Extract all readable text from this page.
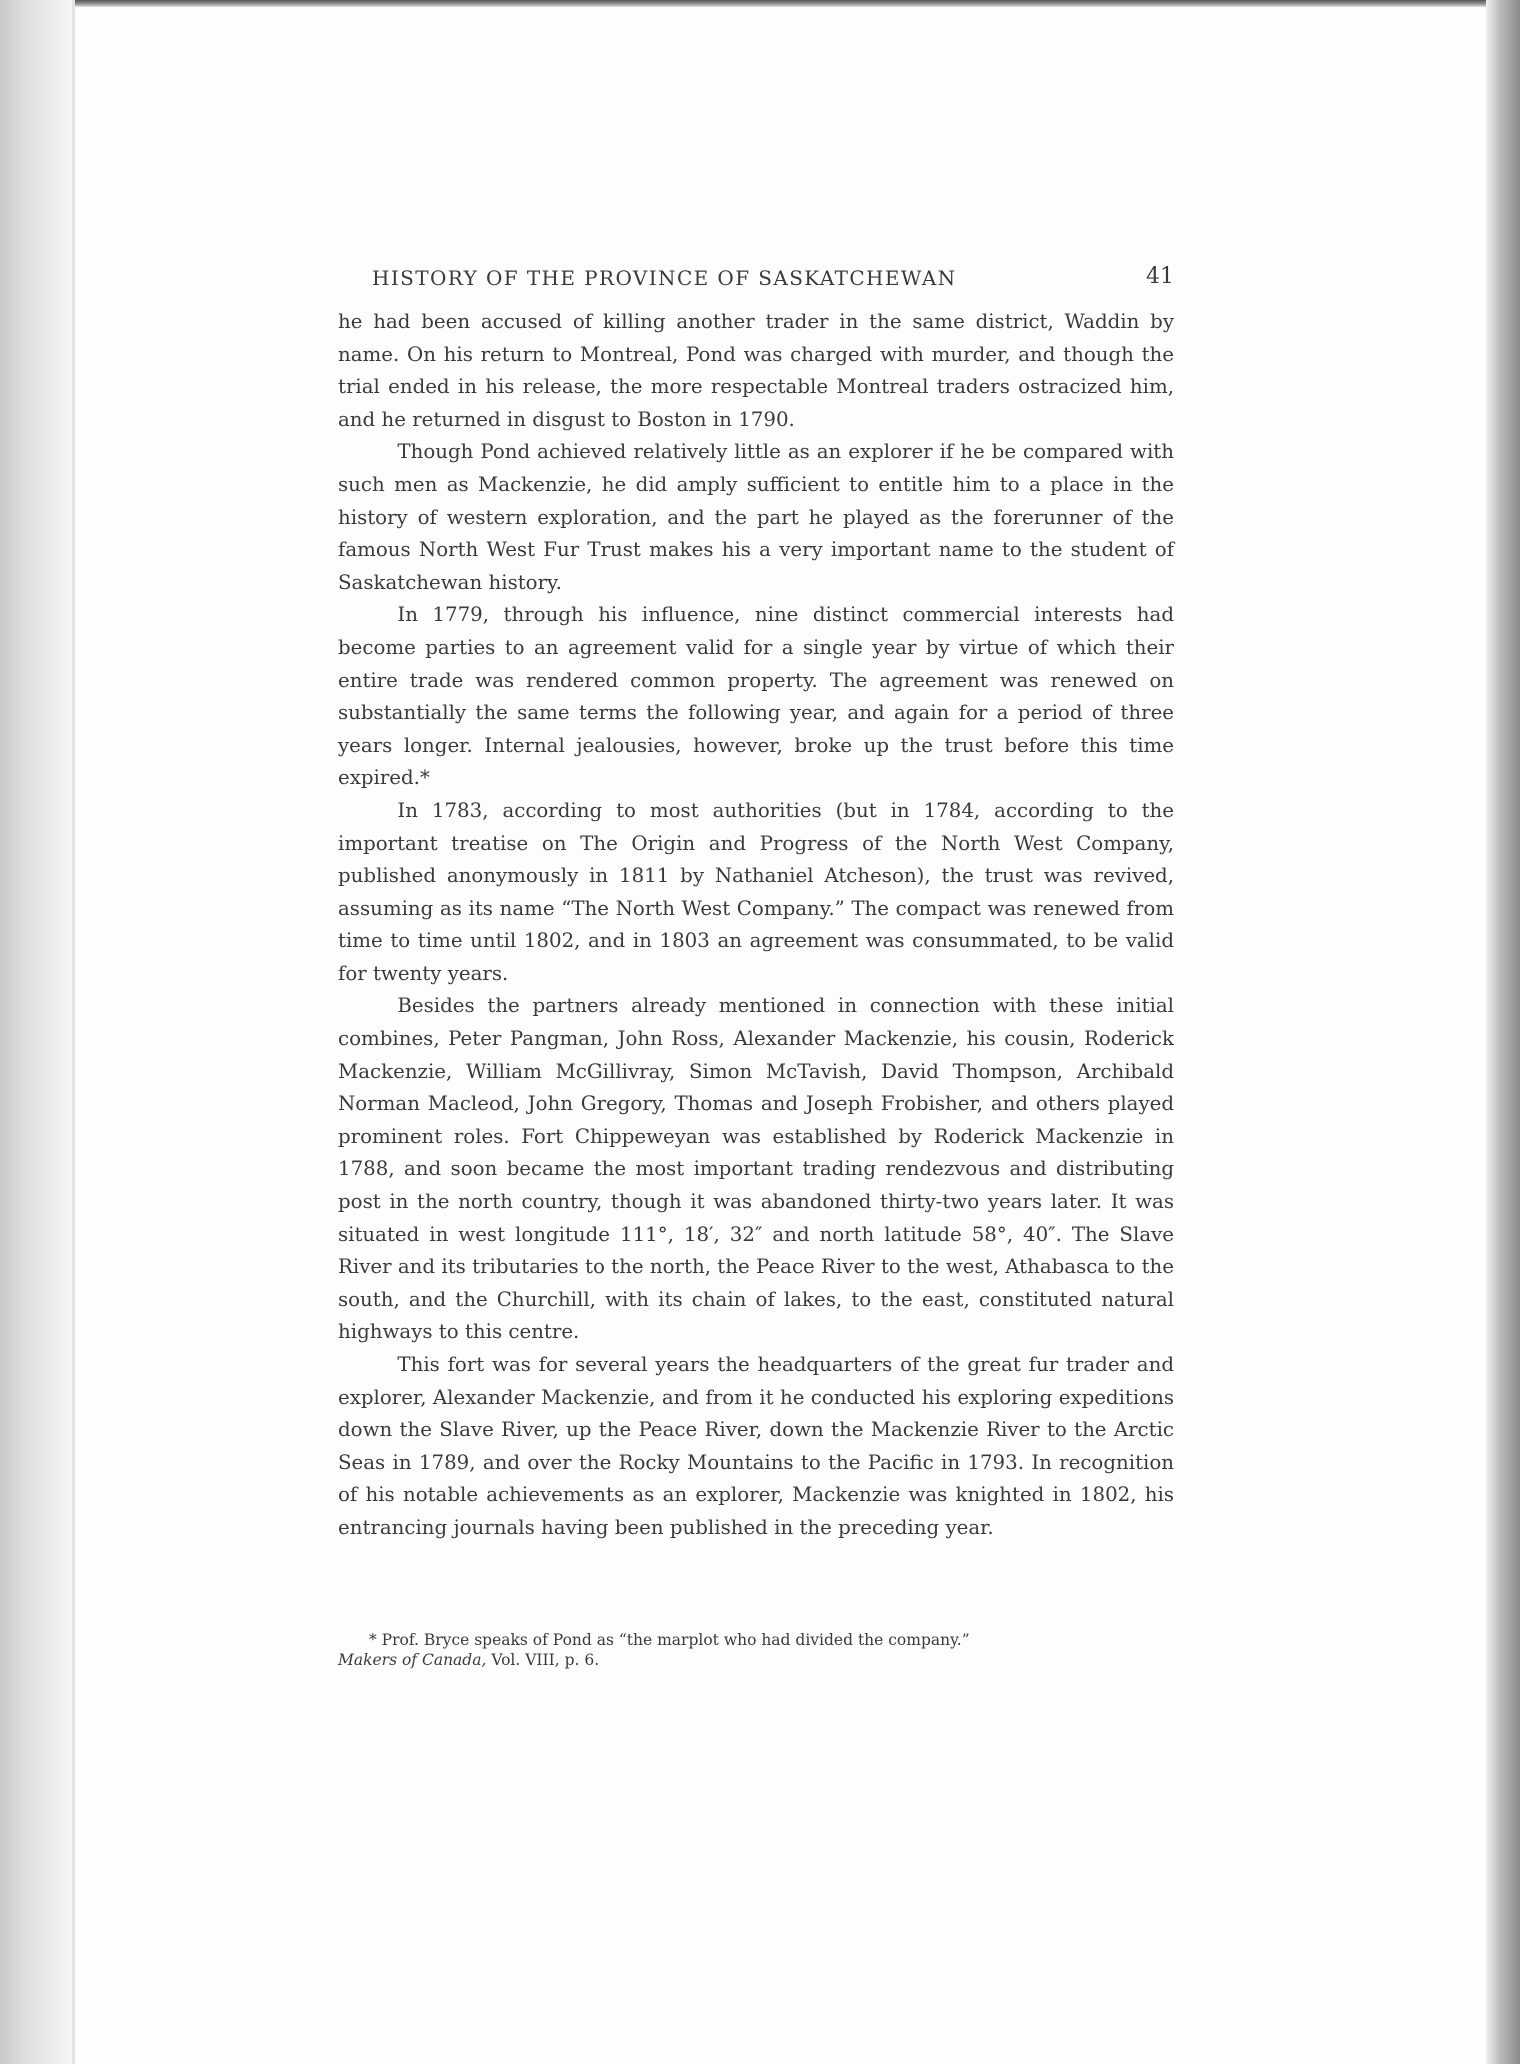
HISTORY OF THE PROVINCE OF SASKATCHEWAN	41

he had been accused of killing another trader in the same district, Waddin by name. On his return to Montreal, Pond was charged with murder, and though the trial ended in his release, the more respectable Montreal traders ostracized him, and he returned in disgust to Boston in 1790.

Though Pond achieved relatively little as an explorer if he be compared with such men as Mackenzie, he did amply sufficient to entitle him to a place in the history of western exploration, and the part he played as the forerunner of the famous North West Fur Trust makes his a very important name to the student of Saskatchewan history.

In 1779, through his influence, nine distinct commercial interests had become parties to an agreement valid for a single year by virtue of which their entire trade was rendered common property. The agreement was renewed on substantially the same terms the following year, and again for a period of three years longer. Internal jealousies, however, broke up the trust before this time expired.*

In 1783, according to most authorities (but in 1784, according to the important treatise on The Origin and Progress of the North West Company, published anonymously in 1811 by Nathaniel Atcheson), the trust was revived, assuming as its name “The North West Company.” The compact was renewed from time to time until 1802, and in 1803 an agreement was consummated, to be valid for twenty years.

Besides the partners already mentioned in connection with these initial combines, Peter Pangman, John Ross, Alexander Mackenzie, his cousin, Roderick Mackenzie, William McGillivray, Simon McTavish, David Thompson, Archibald Norman Macleod, John Gregory, Thomas and Joseph Frobisher, and others played prominent roles. Fort Chippeweyan was established by Roderick Mackenzie in 1788, and soon became the most important trading rendezvous and distributing post in the north country, though it was abandoned thirty-two years later. It was situated in west longitude 111°, 18′, 32″ and north latitude 58°, 40″. The Slave River and its tributaries to the north, the Peace River to the west, Athabasca to the south, and the Churchill, with its chain of lakes, to the east, constituted natural highways to this centre.

This fort was for several years the headquarters of the great fur trader and explorer, Alexander Mackenzie, and from it he conducted his exploring expeditions down the Slave River, up the Peace River, down the Mackenzie River to the Arctic Seas in 1789, and over the Rocky Mountains to the Pacific in 1793. In recognition of his notable achievements as an explorer, Mackenzie was knighted in 1802, his entrancing journals having been published in the preceding year.

* Prof. Bryce speaks of Pond as “the marplot who had divided the company.”

Makers of Canada, Vol. VIII, p. 6.
